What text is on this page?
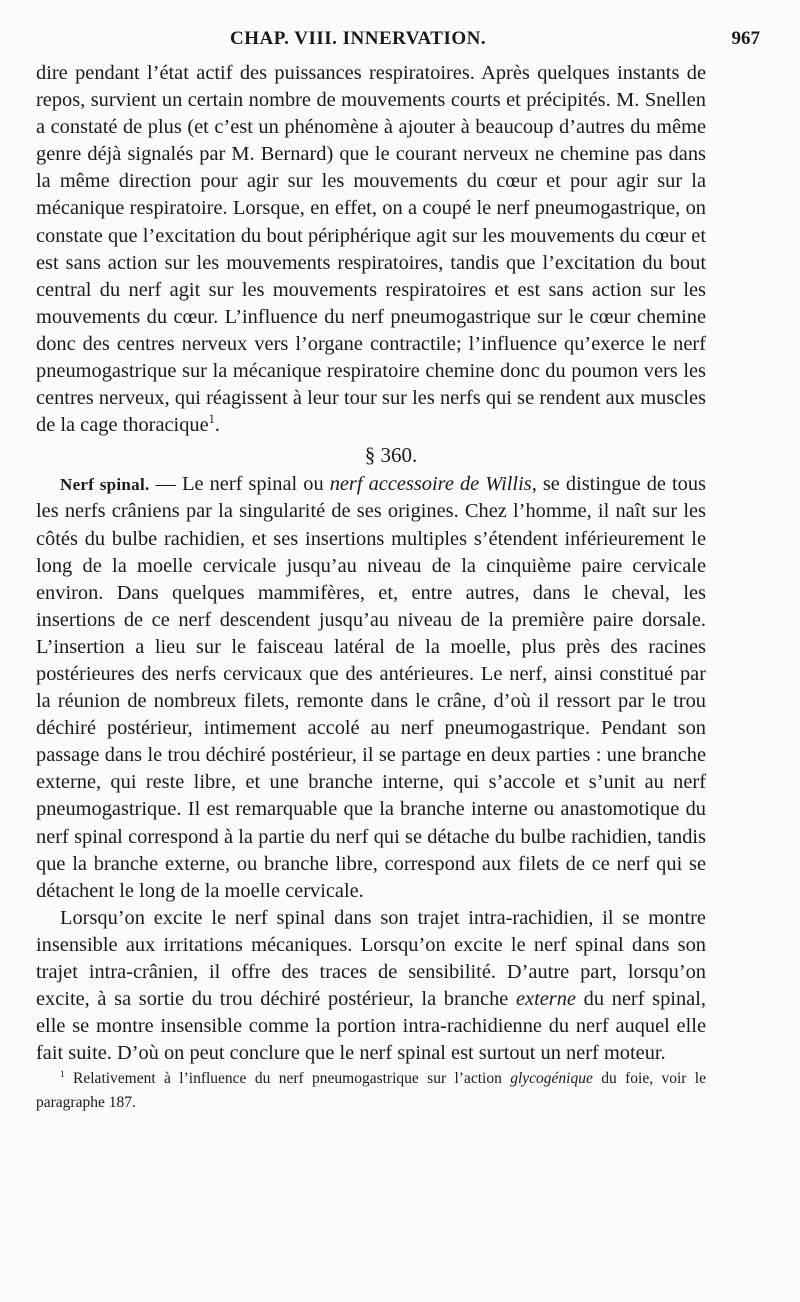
CHAP. VIII. INNERVATION.	967

dire pendant l’état actif des puissances respiratoires. Après quelques instants de repos, survient un certain nombre de mouvements courts et précipités. M. Snellen a constaté de plus (et c’est un phénomène à ajouter à beaucoup d’autres du même genre déjà signalés par M. Bernard) que le courant nerveux ne chemine pas dans la même direction pour agir sur les mouvements du cœur et pour agir sur la mécanique respiratoire. Lorsque, en effet, on a coupé le nerf pneumogastrique, on constate que l’excitation du bout périphérique agit sur les mouvements du cœur et est sans action sur les mouvements respiratoires, tandis que l’excitation du bout central du nerf agit sur les mouvements respiratoires et est sans action sur les mouvements du cœur. L’influence du nerf pneumogastrique sur le cœur chemine donc des centres nerveux vers l’organe contractile; l’influence qu’exerce le nerf pneumogastrique sur la mécanique respiratoire chemine donc du poumon vers les centres nerveux, qui réagissent à leur tour sur les nerfs qui se rendent aux muscles de la cage thoracique$^1$.

§ 360.

Nerf spinal. — Le nerf spinal ou nerf accessoire de Willis, se distingue de tous les nerfs crâniens par la singularité de ses origines. Chez l’homme, il naît sur les côtés du bulbe rachidien, et ses insertions multiples s’étendent inférieurement le long de la moelle cervicale jusqu’au niveau de la cinquième paire cervicale environ. Dans quelques mammifères, et, entre autres, dans le cheval, les insertions de ce nerf descendent jusqu’au niveau de la première paire dorsale. L’insertion a lieu sur le faisceau latéral de la moelle, plus près des racines postérieures des nerfs cervicaux que des antérieures. Le nerf, ainsi constitué par la réunion de nombreux filets, remonte dans le crâne, d’où il ressort par le trou déchiré postérieur, intimement accolé au nerf pneumogastrique. Pendant son passage dans le trou déchiré postérieur, il se partage en deux parties : une branche externe, qui reste libre, et une branche interne, qui s’accole et s’unit au nerf pneumogastrique. Il est remarquable que la branche interne ou anastomotique du nerf spinal correspond à la partie du nerf qui se détache du bulbe rachidien, tandis que la branche externe, ou branche libre, correspond aux filets de ce nerf qui se détachent le long de la moelle cervicale.

Lorsqu’on excite le nerf spinal dans son trajet intra-rachidien, il se montre insensible aux irritations mécaniques. Lorsqu’on excite le nerf spinal dans son trajet intra-crânien, il offre des traces de sensibilité. D’autre part, lorsqu’on excite, à sa sortie du trou déchiré postérieur, la branche externe du nerf spinal, elle se montre insensible comme la portion intra-rachidienne du nerf auquel elle fait suite. D’où on peut conclure que le nerf spinal est surtout un nerf moteur.

$^1$ Relativement à l’influence du nerf pneumogastrique sur l’action glycogénique du foie, voir le paragraphe 187.
